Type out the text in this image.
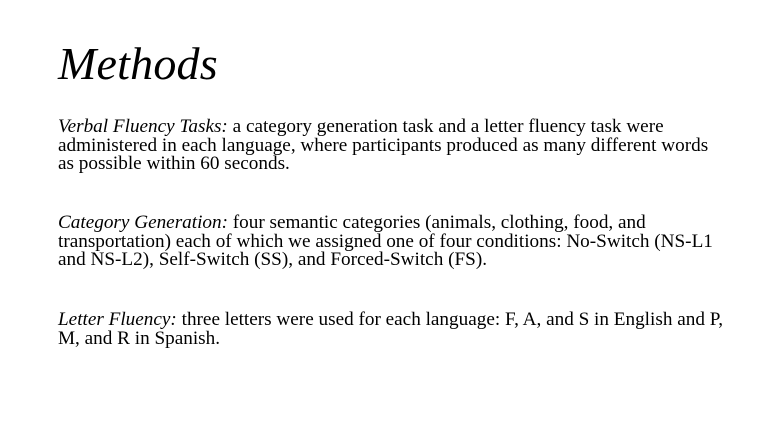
Methods

Verbal Fluency Tasks: a category generation task and a letter fluency task were administered in each language, where participants produced as many different words as possible within 60 seconds.

Category Generation: four semantic categories (animals, clothing, food, and transportation) each of which we assigned one of four conditions: No-Switch (NS-L1 and NS-L2), Self-Switch (SS), and Forced-Switch (FS).

Letter Fluency: three letters were used for each language: F, A, and S in English and P, M, and R in Spanish.
